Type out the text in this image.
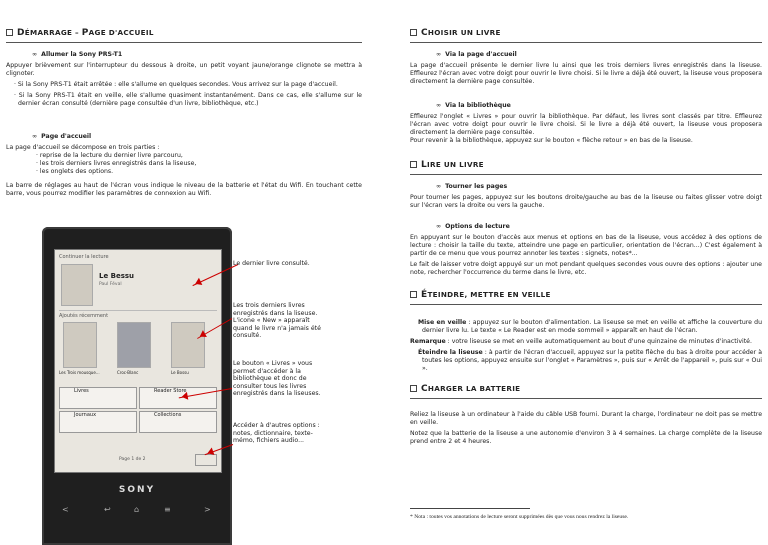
DÉMARRAGE – PAGE D'ACCUEIL
∞ Allumer la Sony PRS-T1

Appuyer brièvement sur l'interrupteur du dessous à droite, un petit voyant jaune/orange clignote se mettra à clignoter.

· Si la Sony PRS-T1 était arrêtée : elle s'allume en quelques secondes. Vous arrivez sur la page d'accueil.

· Si la Sony PRS-T1 était en veille, elle s'allume quasiment instantanément. Dans ce cas, elle s'allume sur le dernier écran consulté (dernière page consultée d'un livre, bibliothèque, etc.)

∞ Page d'accueil

La page d'accueil se décompose en trois parties :

· reprise de la lecture du dernier livre parcouru,

· les trois derniers livres enregistrés dans la liseuse,

· les onglets des options.

La barre de réglages au haut de l'écran vous indique le niveau de la batterie et l'état du Wifi. En touchant cette barre, vous pourrez modifier les paramètres de connexion au Wifi.

Continuer la lecture
Le Bessu
Paul Féval
Ajoutés récemment
Les Trois mousque...	Croc-Blanc	Le Bossu
Livres	Reader Store
Journaux	Collections
Page 1 de 2
SONY
<	↩	⌂	≡	>
Le dernier livre consulté.
Les trois derniers livres enregistrés dans la liseuse. L'icone « New » apparaît quand le livre n'a jamais été consulté.
Le bouton « Livres » vous permet d'accéder à la bibliothèque et donc de consulter tous les livres enregistrés dans la liseuses.
Accéder à d'autres options : notes, dictionnaire, texte-mémo, fichiers audio...
CHOISIR UN LIVRE
∞ Via la page d'accueil

La page d'accueil présente le dernier livre lu ainsi que les trois derniers livres enregistrés dans la liseuse. Effleurez l'écran avec votre doigt pour ouvrir le livre choisi. Si le livre a déjà été ouvert, la liseuse vous proposera directement la dernière page consultée.

∞ Via la bibliothèque

Effleurez l'onglet « Livres » pour ouvrir la bibliothèque. Par défaut, les livres sont classés par titre. Effleurez l'écran avec votre doigt pour ouvrir le livre choisi. Si le livre a déjà été ouvert, la liseuse vous proposera directement la dernière page consultée.

Pour revenir à la bibliothèque, appuyez sur le bouton « flèche retour » en bas de la liseuse.

LIRE UN LIVRE
∞ Tourner les pages

Pour tourner les pages, appuyez sur les boutons droite/gauche au bas de la liseuse ou faites glisser votre doigt sur l'écran vers la droite ou vers la gauche.

∞ Options de lecture

En appuyant sur le bouton d'accès aux menus et options en bas de la liseuse, vous accédez à des options de lecture : choisir la taille du texte, atteindre une page en particulier, orientation de l'écran...) C'est également à partir de ce menu que vous pourrez annoter les textes : signets, notes*...

Le fait de laisser votre doigt appuyé sur un mot pendant quelques secondes vous ouvre des options : ajouter une note, rechercher l'occurrence du terme dans le livre, etc.

ÉTEINDRE, METTRE EN VEILLE

Mise en veille : appuyez sur le bouton d'alimentation. La liseuse se met en veille et affiche la couverture du dernier livre lu. Le texte « Le Reader est en mode sommeil » apparaît en haut de l'écran.

Remarque : votre liseuse se met en veille automatiquement au bout d'une quinzaine de minutes d'inactivité.

Éteindre la liseuse : à partir de l'écran d'accueil, appuyez sur la petite flèche du bas à droite pour accéder à toutes les options, appuyez ensuite sur l'onglet « Paramètres », puis sur « Arrêt de l'appareil », puis sur « Oui ».

CHARGER LA BATTERIE

Reliez la liseuse à un ordinateur à l'aide du câble USB fourni. Durant la charge, l'ordinateur ne doit pas se mettre en veille.

Notez que la batterie de la liseuse a une autonomie d'environ 3 à 4 semaines. La charge complète de la liseuse prend entre 2 et 4 heures.

* Nota : toutes vos annotations de lecture seront supprimées dès que vous nous rendrez la liseuse.
